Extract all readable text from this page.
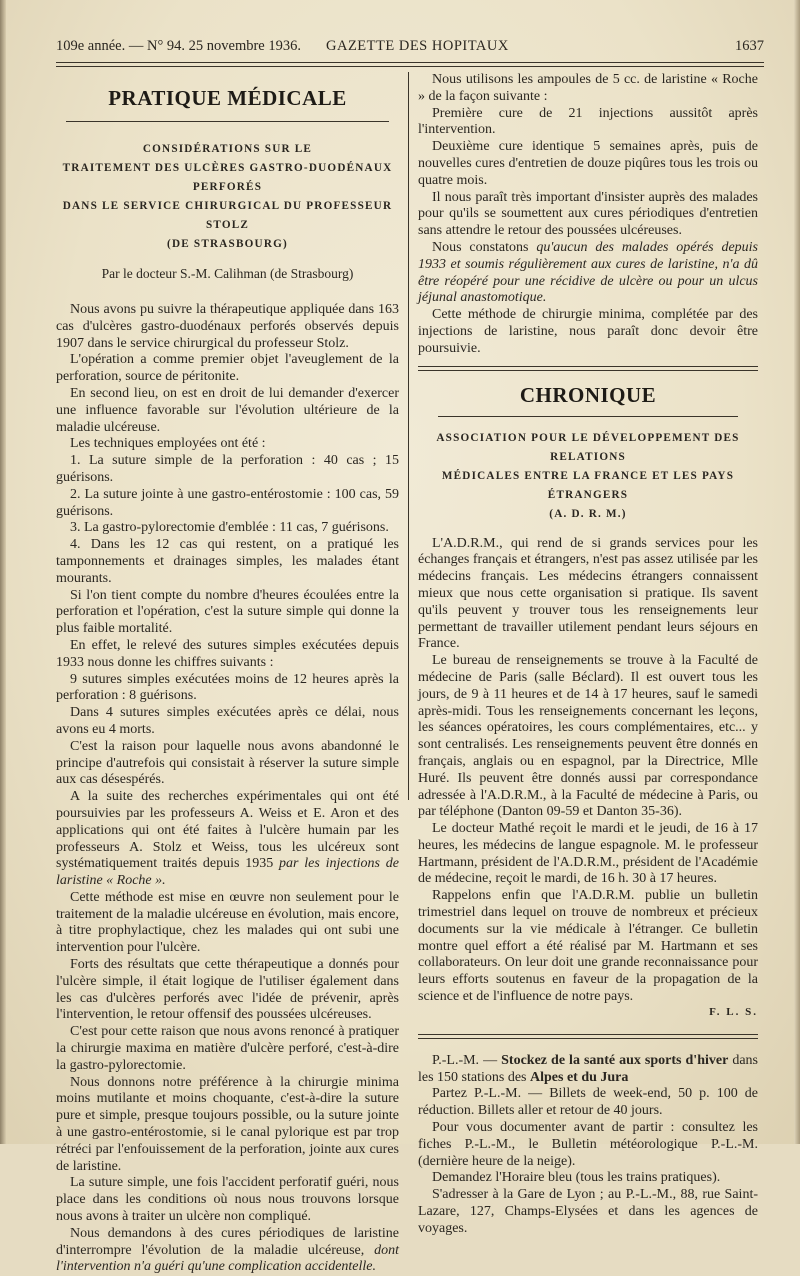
109e année. — N° 94. 25 novembre 1936. GAZETTE DES HOPITAUX	1637
PRATIQUE MÉDICALE
CONSIDÉRATIONS SUR LE
TRAITEMENT DES ULCÈRES GASTRO-DUODÉNAUX PERFORÉS
DANS LE SERVICE CHIRURGICAL DU PROFESSEUR STOLZ
(DE STRASBOURG)
Par le docteur S.-M. Calihman (de Strasbourg)

Nous avons pu suivre la thérapeutique appliquée dans 163 cas d'ulcères gastro-duodénaux perforés observés depuis 1907 dans le service chirurgical du professeur Stolz.

L'opération a comme premier objet l'aveuglement de la perforation, source de péritonite.

En second lieu, on est en droit de lui demander d'exercer une influence favorable sur l'évolution ultérieure de la maladie ulcéreuse.

Les techniques employées ont été :

1. La suture simple de la perforation : 40 cas ; 15 guérisons.

2. La suture jointe à une gastro-entérostomie : 100 cas, 59 guérisons.

3. La gastro-pylorectomie d'emblée : 11 cas, 7 guérisons.

4. Dans les 12 cas qui restent, on a pratiqué les tamponnements et drainages simples, les malades étant mourants.

Si l'on tient compte du nombre d'heures écoulées entre la perforation et l'opération, c'est la suture simple qui donne la plus faible mortalité.

En effet, le relevé des sutures simples exécutées depuis 1933 nous donne les chiffres suivants :

9 sutures simples exécutées moins de 12 heures après la perforation : 8 guérisons.

Dans 4 sutures simples exécutées après ce délai, nous avons eu 4 morts.

C'est la raison pour laquelle nous avons abandonné le principe d'autrefois qui consistait à réserver la suture simple aux cas désespérés.

A la suite des recherches expérimentales qui ont été poursuivies par les professeurs A. Weiss et E. Aron et des applications qui ont été faites à l'ulcère humain par les professeurs A. Stolz et Weiss, tous les ulcéreux sont systématiquement traités depuis 1935 par les injections de laristine « Roche ».

Cette méthode est mise en œuvre non seulement pour le traitement de la maladie ulcéreuse en évolution, mais encore, à titre prophylactique, chez les malades qui ont subi une intervention pour l'ulcère.

Forts des résultats que cette thérapeutique a donnés pour l'ulcère simple, il était logique de l'utiliser également dans les cas d'ulcères perforés avec l'idée de prévenir, après l'intervention, le retour offensif des poussées ulcéreuses.

C'est pour cette raison que nous avons renoncé à pratiquer la chirurgie maxima en matière d'ulcère perforé, c'est-à-dire la gastro-pylorectomie.

Nous donnons notre préférence à la chirurgie minima moins mutilante et moins choquante, c'est-à-dire la suture pure et simple, presque toujours possible, ou la suture jointe à une gastro-entérostomie, si le canal pylorique est par trop rétréci par l'enfouissement de la perforation, jointe aux cures de laristine.

La suture simple, une fois l'accident perforatif guéri, nous place dans les conditions où nous nous trouvons lorsque nous avons à traiter un ulcère non compliqué.

Nous demandons à des cures périodiques de laristine d'interrompre l'évolution de la maladie ulcéreuse, dont l'intervention n'a guéri qu'une complication accidentelle.

Nous utilisons les ampoules de 5 cc. de laristine « Roche » de la façon suivante :

Première cure de 21 injections aussitôt après l'intervention.

Deuxième cure identique 5 semaines après, puis de nouvelles cures d'entretien de douze piqûres tous les trois ou quatre mois.

Il nous paraît très important d'insister auprès des malades pour qu'ils se soumettent aux cures périodiques d'entretien sans attendre le retour des poussées ulcéreuses.

Nous constatons qu'aucun des malades opérés depuis 1933 et soumis régulièrement aux cures de laristine, n'a dû être réopéré pour une récidive de ulcère ou pour un ulcus jéjunal anastomotique.

Cette méthode de chirurgie minima, complétée par des injections de laristine, nous paraît donc devoir être poursuivie.

CHRONIQUE
ASSOCIATION POUR LE DÉVELOPPEMENT DES RELATIONS
MÉDICALES ENTRE LA FRANCE ET LES PAYS ÉTRANGERS
(A. D. R. M.)

L'A.D.R.M., qui rend de si grands services pour les échanges français et étrangers, n'est pas assez utilisée par les médecins français. Les médecins étrangers connaissent mieux que nous cette organisation si pratique. Ils savent qu'ils peuvent y trouver tous les renseignements leur permettant de travailler utilement pendant leurs séjours en France.

Le bureau de renseignements se trouve à la Faculté de médecine de Paris (salle Béclard). Il est ouvert tous les jours, de 9 à 11 heures et de 14 à 17 heures, sauf le samedi après-midi. Tous les renseignements concernant les leçons, les séances opératoires, les cours complémentaires, etc... y sont centralisés. Les renseignements peuvent être donnés en français, anglais ou en espagnol, par la Directrice, Mlle Huré. Ils peuvent être donnés aussi par correspondance adressée à l'A.D.R.M., à la Faculté de médecine à Paris, ou par téléphone (Danton 09-59 et Danton 35-36).

Le docteur Mathé reçoit le mardi et le jeudi, de 16 à 17 heures, les médecins de langue espagnole. M. le professeur Hartmann, président de l'A.D.R.M., président de l'Académie de médecine, reçoit le mardi, de 16 h. 30 à 17 heures.

Rappelons enfin que l'A.D.R.M. publie un bulletin trimestriel dans lequel on trouve de nombreux et précieux documents sur la vie médicale à l'étranger. Ce bulletin montre quel effort a été réalisé par M. Hartmann et ses collaborateurs. On leur doit une grande reconnaissance pour leurs efforts soutenus en faveur de la propagation de la science et de l'influence de notre pays.

F. L. S.

P.-L.-M. — Stockez de la santé aux sports d'hiver dans les 150 stations des Alpes et du Jura

Partez P.-L.-M. — Billets de week-end, 50 p. 100 de réduction. Billets aller et retour de 40 jours.

Pour vous documenter avant de partir : consultez les fiches P.-L.-M., le Bulletin météorologique P.-L.-M. (dernière heure de la neige).

Demandez l'Horaire bleu (tous les trains pratiques).

S'adresser à la Gare de Lyon ; au P.-L.-M., 88, rue Saint-Lazare, 127, Champs-Elysées et dans les agences de voyages.
